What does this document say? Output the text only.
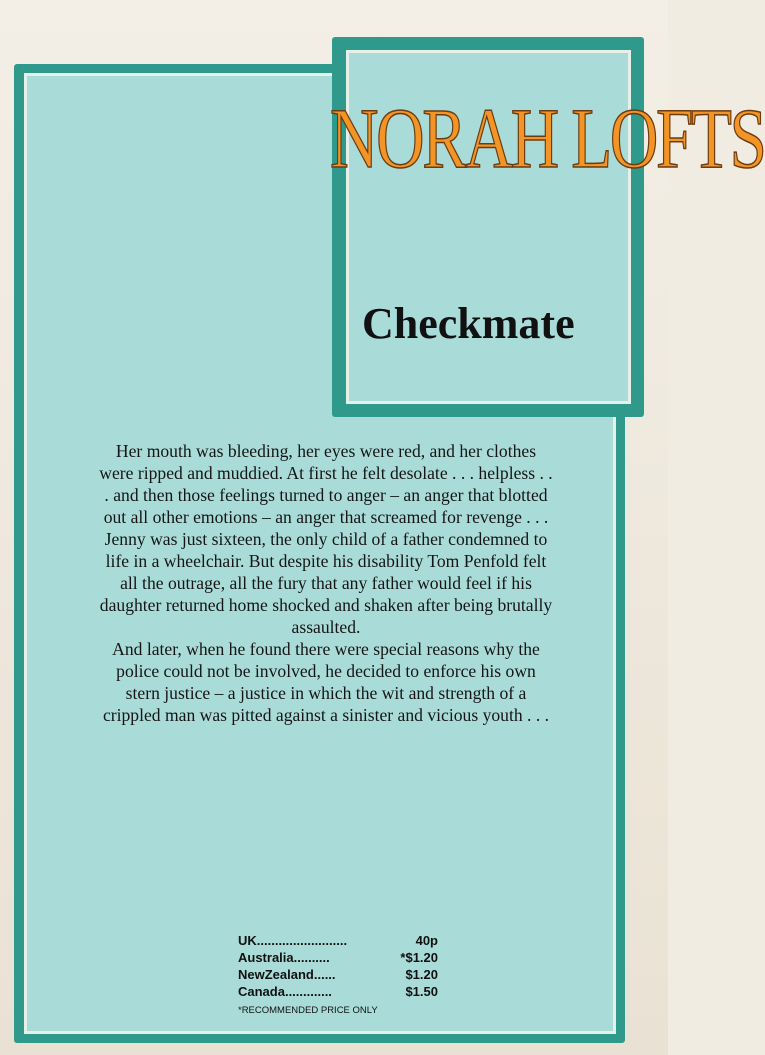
NORAH LOFTS
Checkmate

Her mouth was bleeding, her eyes were red, and her clothes were ripped and muddied. At first he felt desolate . . . helpless . . . and then those feelings turned to anger – an anger that blotted out all other emotions – an anger that screamed for revenge . . .

Jenny was just sixteen, the only child of a father condemned to life in a wheelchair. But despite his disability Tom Penfold felt all the outrage, all the fury that any father would feel if his daughter returned home shocked and shaken after being brutally assaulted.

And later, when he found there were special reasons why the police could not be involved, he decided to enforce his own stern justice – a justice in which the wit and strength of a crippled man was pitted against a sinister and vicious youth . . .

UK.........................	40p
Australia..........	*$1.20
NewZealand......	$1.20
Canada.............	$1.50
*RECOMMENDED PRICE ONLY
